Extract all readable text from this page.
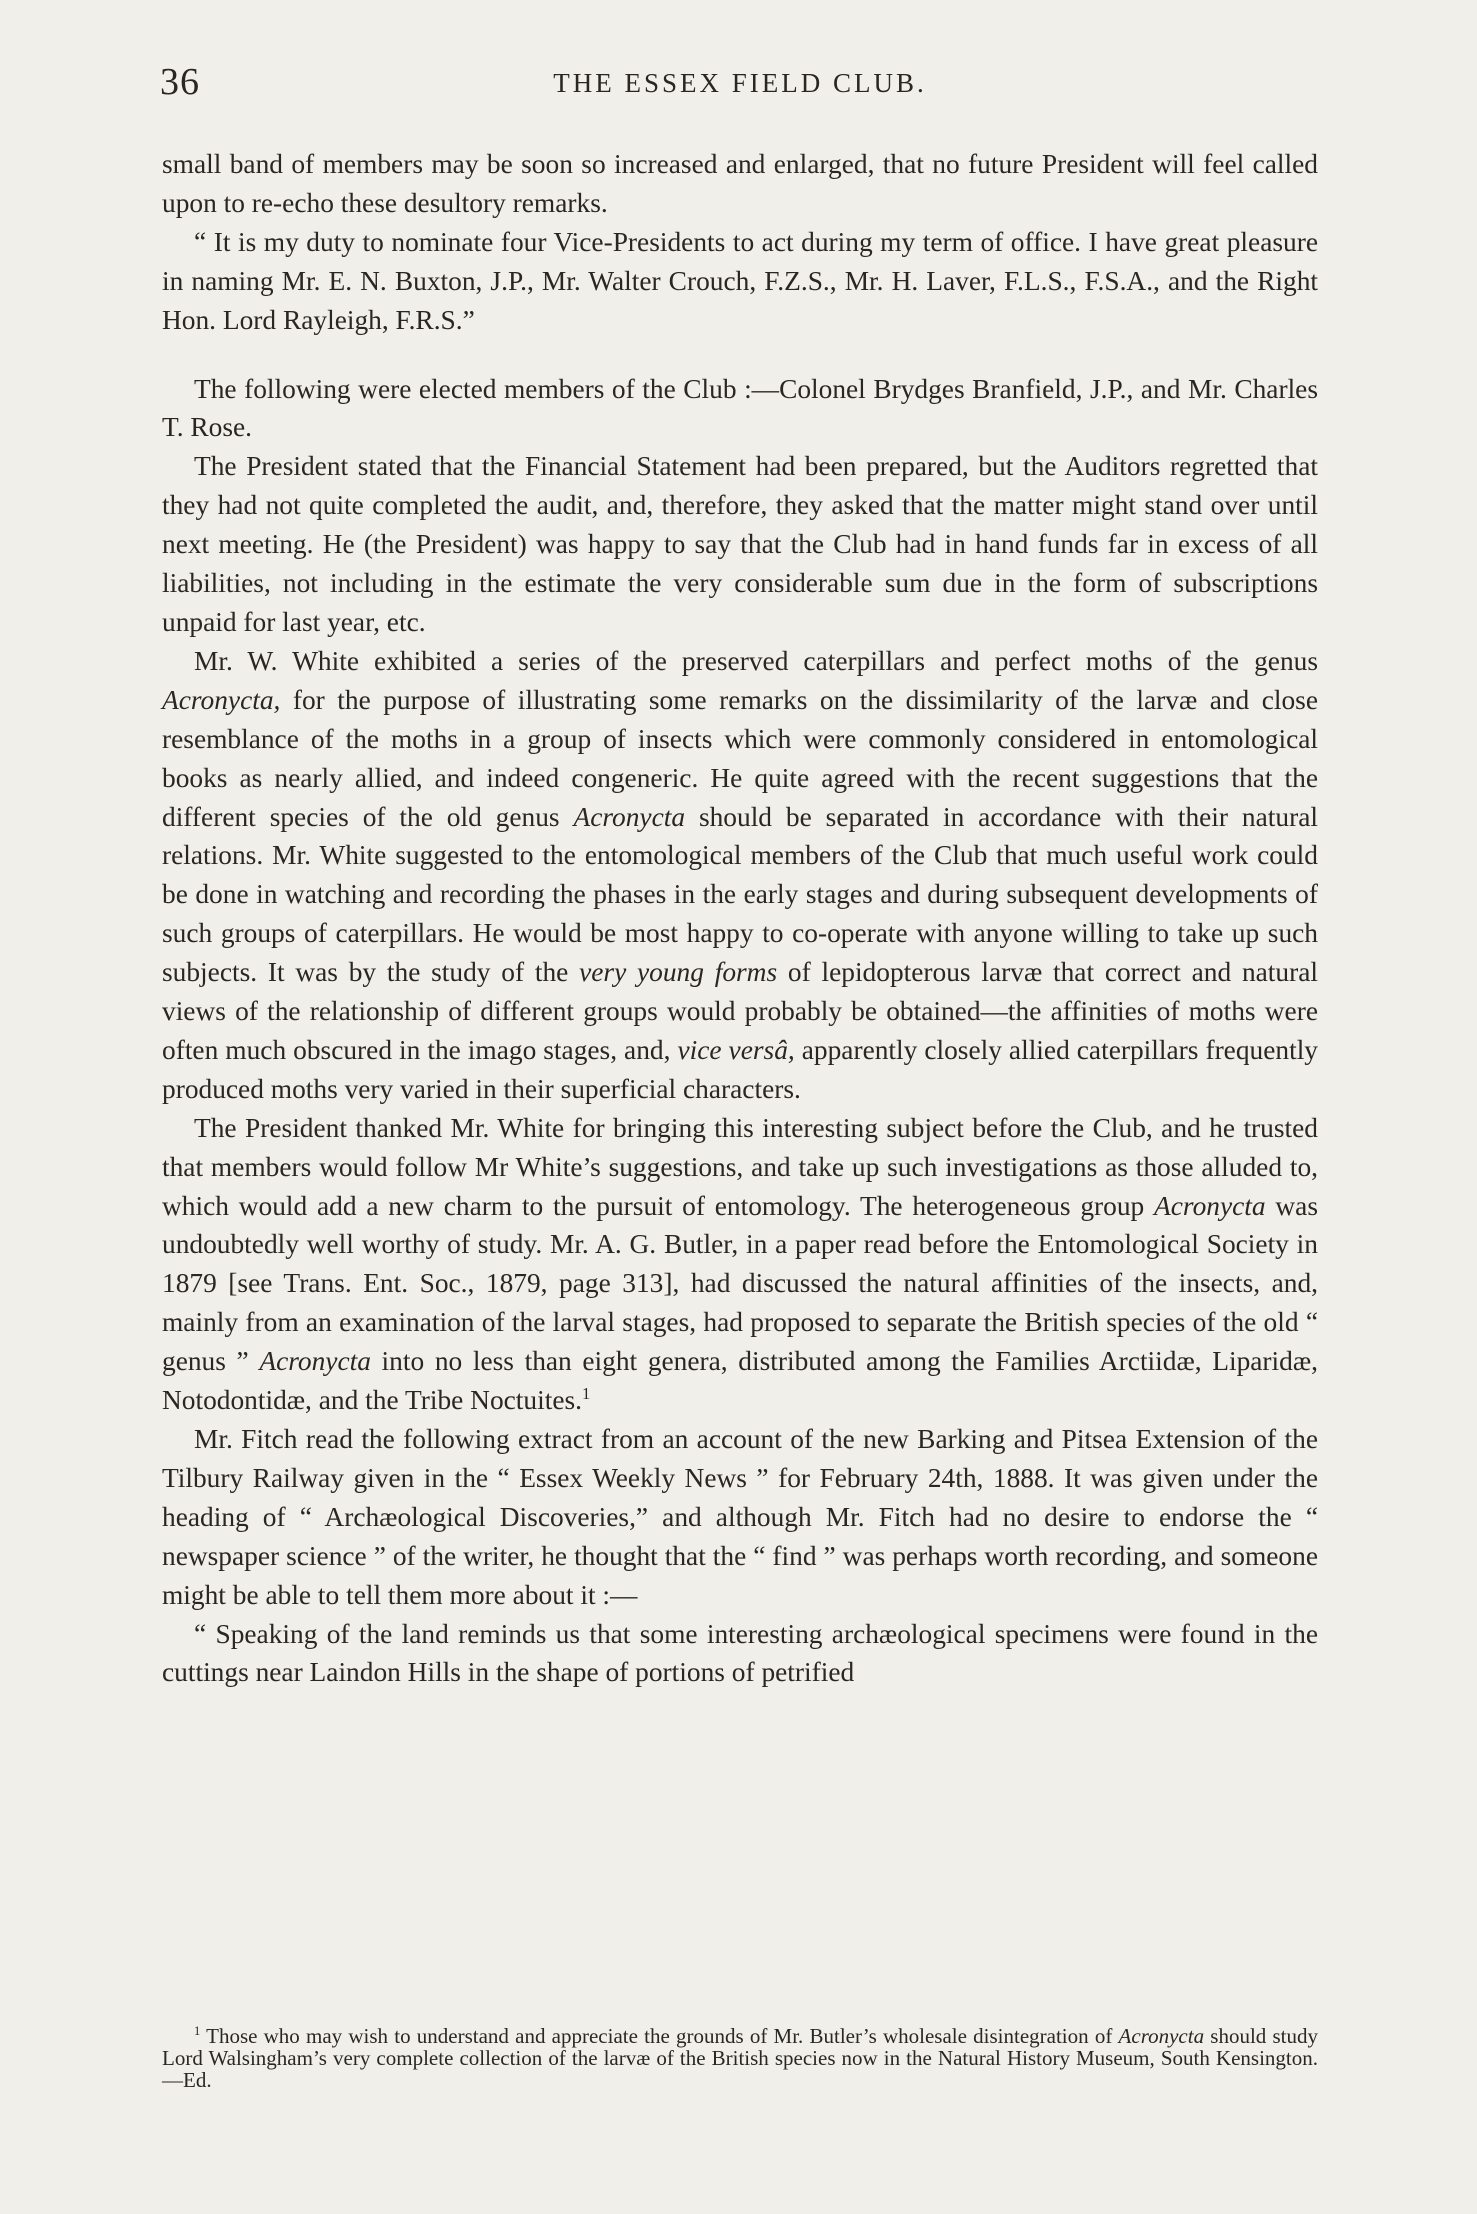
36	THE ESSEX FIELD CLUB.

small band of members may be soon so increased and enlarged, that no future President will feel called upon to re-echo these desultory remarks.

“ It is my duty to nominate four Vice-Presidents to act during my term of office. I have great pleasure in naming Mr. E. N. Buxton, J.P., Mr. Walter Crouch, F.Z.S., Mr. H. Laver, F.L.S., F.S.A., and the Right Hon. Lord Rayleigh, F.R.S.”

The following were elected members of the Club :—Colonel Brydges Branfield, J.P., and Mr. Charles T. Rose.

The President stated that the Financial Statement had been prepared, but the Auditors regretted that they had not quite completed the audit, and, therefore, they asked that the matter might stand over until next meeting. He (the President) was happy to say that the Club had in hand funds far in excess of all liabilities, not including in the estimate the very considerable sum due in the form of subscriptions unpaid for last year, etc.

Mr. W. White exhibited a series of the preserved caterpillars and perfect moths of the genus Acronycta, for the purpose of illustrating some remarks on the dissimilarity of the larvæ and close resemblance of the moths in a group of insects which were commonly considered in entomological books as nearly allied, and indeed congeneric. He quite agreed with the recent suggestions that the different species of the old genus Acronycta should be separated in accordance with their natural relations. Mr. White suggested to the entomological members of the Club that much useful work could be done in watching and recording the phases in the early stages and during subsequent developments of such groups of caterpillars. He would be most happy to co-operate with anyone willing to take up such subjects. It was by the study of the very young forms of lepidopterous larvæ that correct and natural views of the relationship of different groups would probably be obtained—the affinities of moths were often much obscured in the imago stages, and, vice versâ, apparently closely allied caterpillars frequently produced moths very varied in their superficial characters.

The President thanked Mr. White for bringing this interesting subject before the Club, and he trusted that members would follow Mr White’s suggestions, and take up such investigations as those alluded to, which would add a new charm to the pursuit of entomology. The heterogeneous group Acronycta was undoubtedly well worthy of study. Mr. A. G. Butler, in a paper read before the Entomological Society in 1879 [see Trans. Ent. Soc., 1879, page 313], had discussed the natural affinities of the insects, and, mainly from an examination of the larval stages, had proposed to separate the British species of the old “ genus ” Acronycta into no less than eight genera, distributed among the Families Arctiidæ, Liparidæ, Notodontidæ, and the Tribe Noctuites.$^1$

Mr. Fitch read the following extract from an account of the new Barking and Pitsea Extension of the Tilbury Railway given in the “ Essex Weekly News ” for February 24th, 1888. It was given under the heading of “ Archæological Discoveries,” and although Mr. Fitch had no desire to endorse the “ newspaper science ” of the writer, he thought that the “ find ” was perhaps worth recording, and someone might be able to tell them more about it :—

“ Speaking of the land reminds us that some interesting archæological specimens were found in the cuttings near Laindon Hills in the shape of portions of petrified

$^1$ Those who may wish to understand and appreciate the grounds of Mr. Butler’s wholesale disintegration of Acronycta should study Lord Walsingham’s very complete collection of the larvæ of the British species now in the Natural History Museum, South Kensington.—Ed.
